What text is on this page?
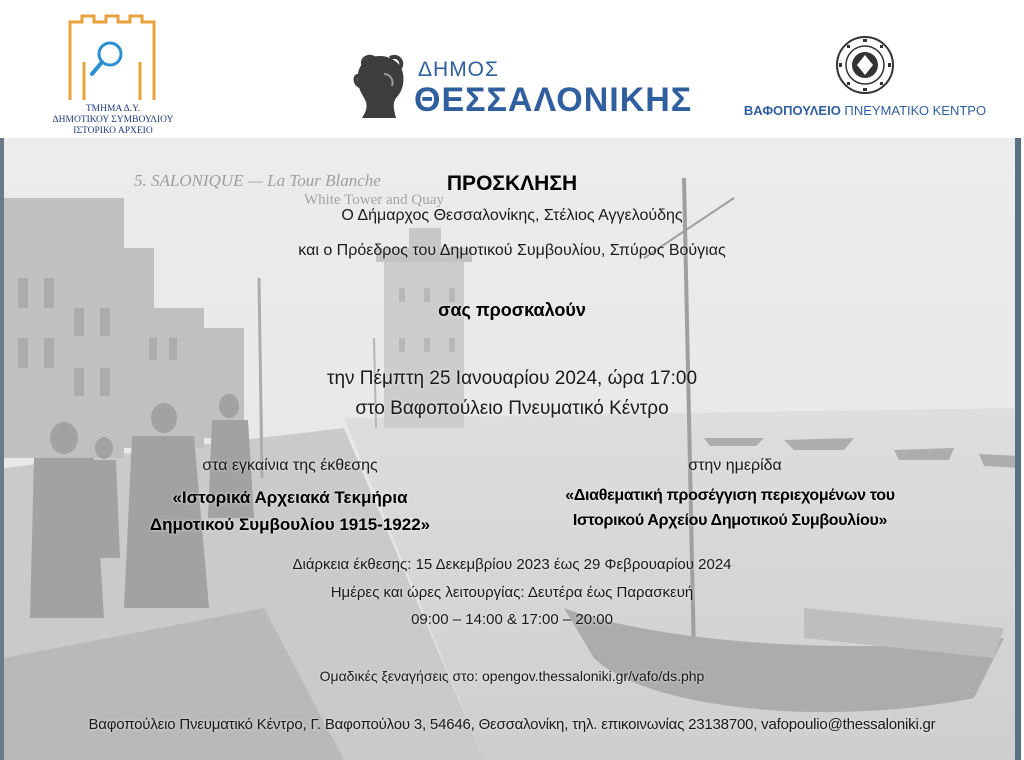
ΤΜΗΜΑ Δ.Υ.
ΔΗΜΟΤΙΚΟΥ ΣΥΜΒΟΥΛΙΟΥ
ΙΣΤΟΡΙΚΟ ΑΡΧΕΙΟ
ΔΗΜΟΣ
ΘΕΣΣΑΛΟΝΙΚΗΣ	ΒΑΦΟΠΟΥΛΕΙΟ ΠΝΕΥΜΑΤΙΚΟ ΚΕΝΤΡΟ
5. SALONIQUE — La Tour Blanche
White Tower and Quay
ΠΡΟΣΚΛΗΣΗ
Ο Δήμαρχος Θεσσαλονίκης, Στέλιος Αγγελούδης
και ο Πρόεδρος του Δημοτικού Συμβουλίου, Σπύρος Βούγιας
σας προσκαλούν
την Πέμπτη 25 Ιανουαρίου 2024, ώρα 17:00
στο Βαφοπούλειο Πνευματικό Κέντρο
στα εγκαίνια της έκθεσης
«Ιστορικά Αρχειακά Τεκμήρια
Δημοτικού Συμβουλίου 1915-1922»
στην ημερίδα
«Διαθεματική προσέγγιση περιεχομένων του
Ιστορικού Αρχείου Δημοτικού Συμβουλίου»
Διάρκεια έκθεσης: 15 Δεκεμβρίου 2023 έως 29 Φεβρουαρίου 2024
Ημέρες και ώρες λειτουργίας: Δευτέρα έως Παρασκευή
09:00 – 14:00 & 17:00 – 20:00
Ομαδικές ξεναγήσεις στο: opengov.thessaloniki.gr/vafo/ds.php
Βαφοπούλειο Πνευματικό Κέντρο, Γ. Βαφοπούλου 3, 54646, Θεσσαλονίκη, τηλ. επικοινωνίας 23138700, vafopoulio@thessaloniki.gr
